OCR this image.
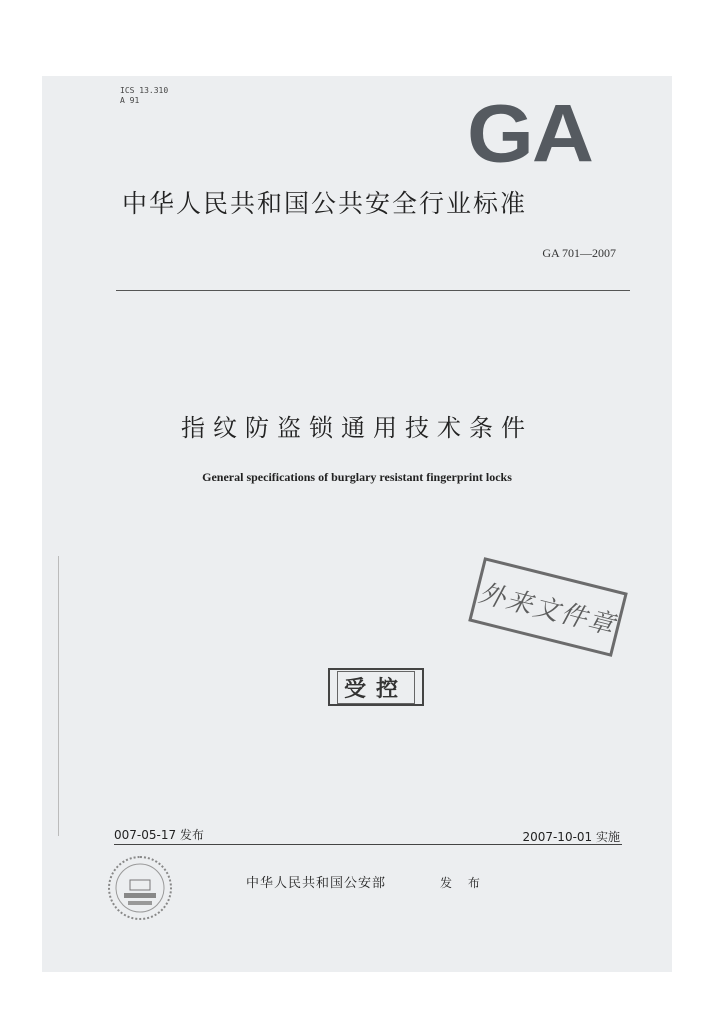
ICS 13.310
A 91	GA
中华人民共和国公共安全行业标准
GA 701—2007
指纹防盗锁通用技术条件
General specifications of burglary resistant fingerprint locks
外来文件章
受控
007-05-17 发布	2007-10-01 实施
中华人民共和国公安部	发 布
